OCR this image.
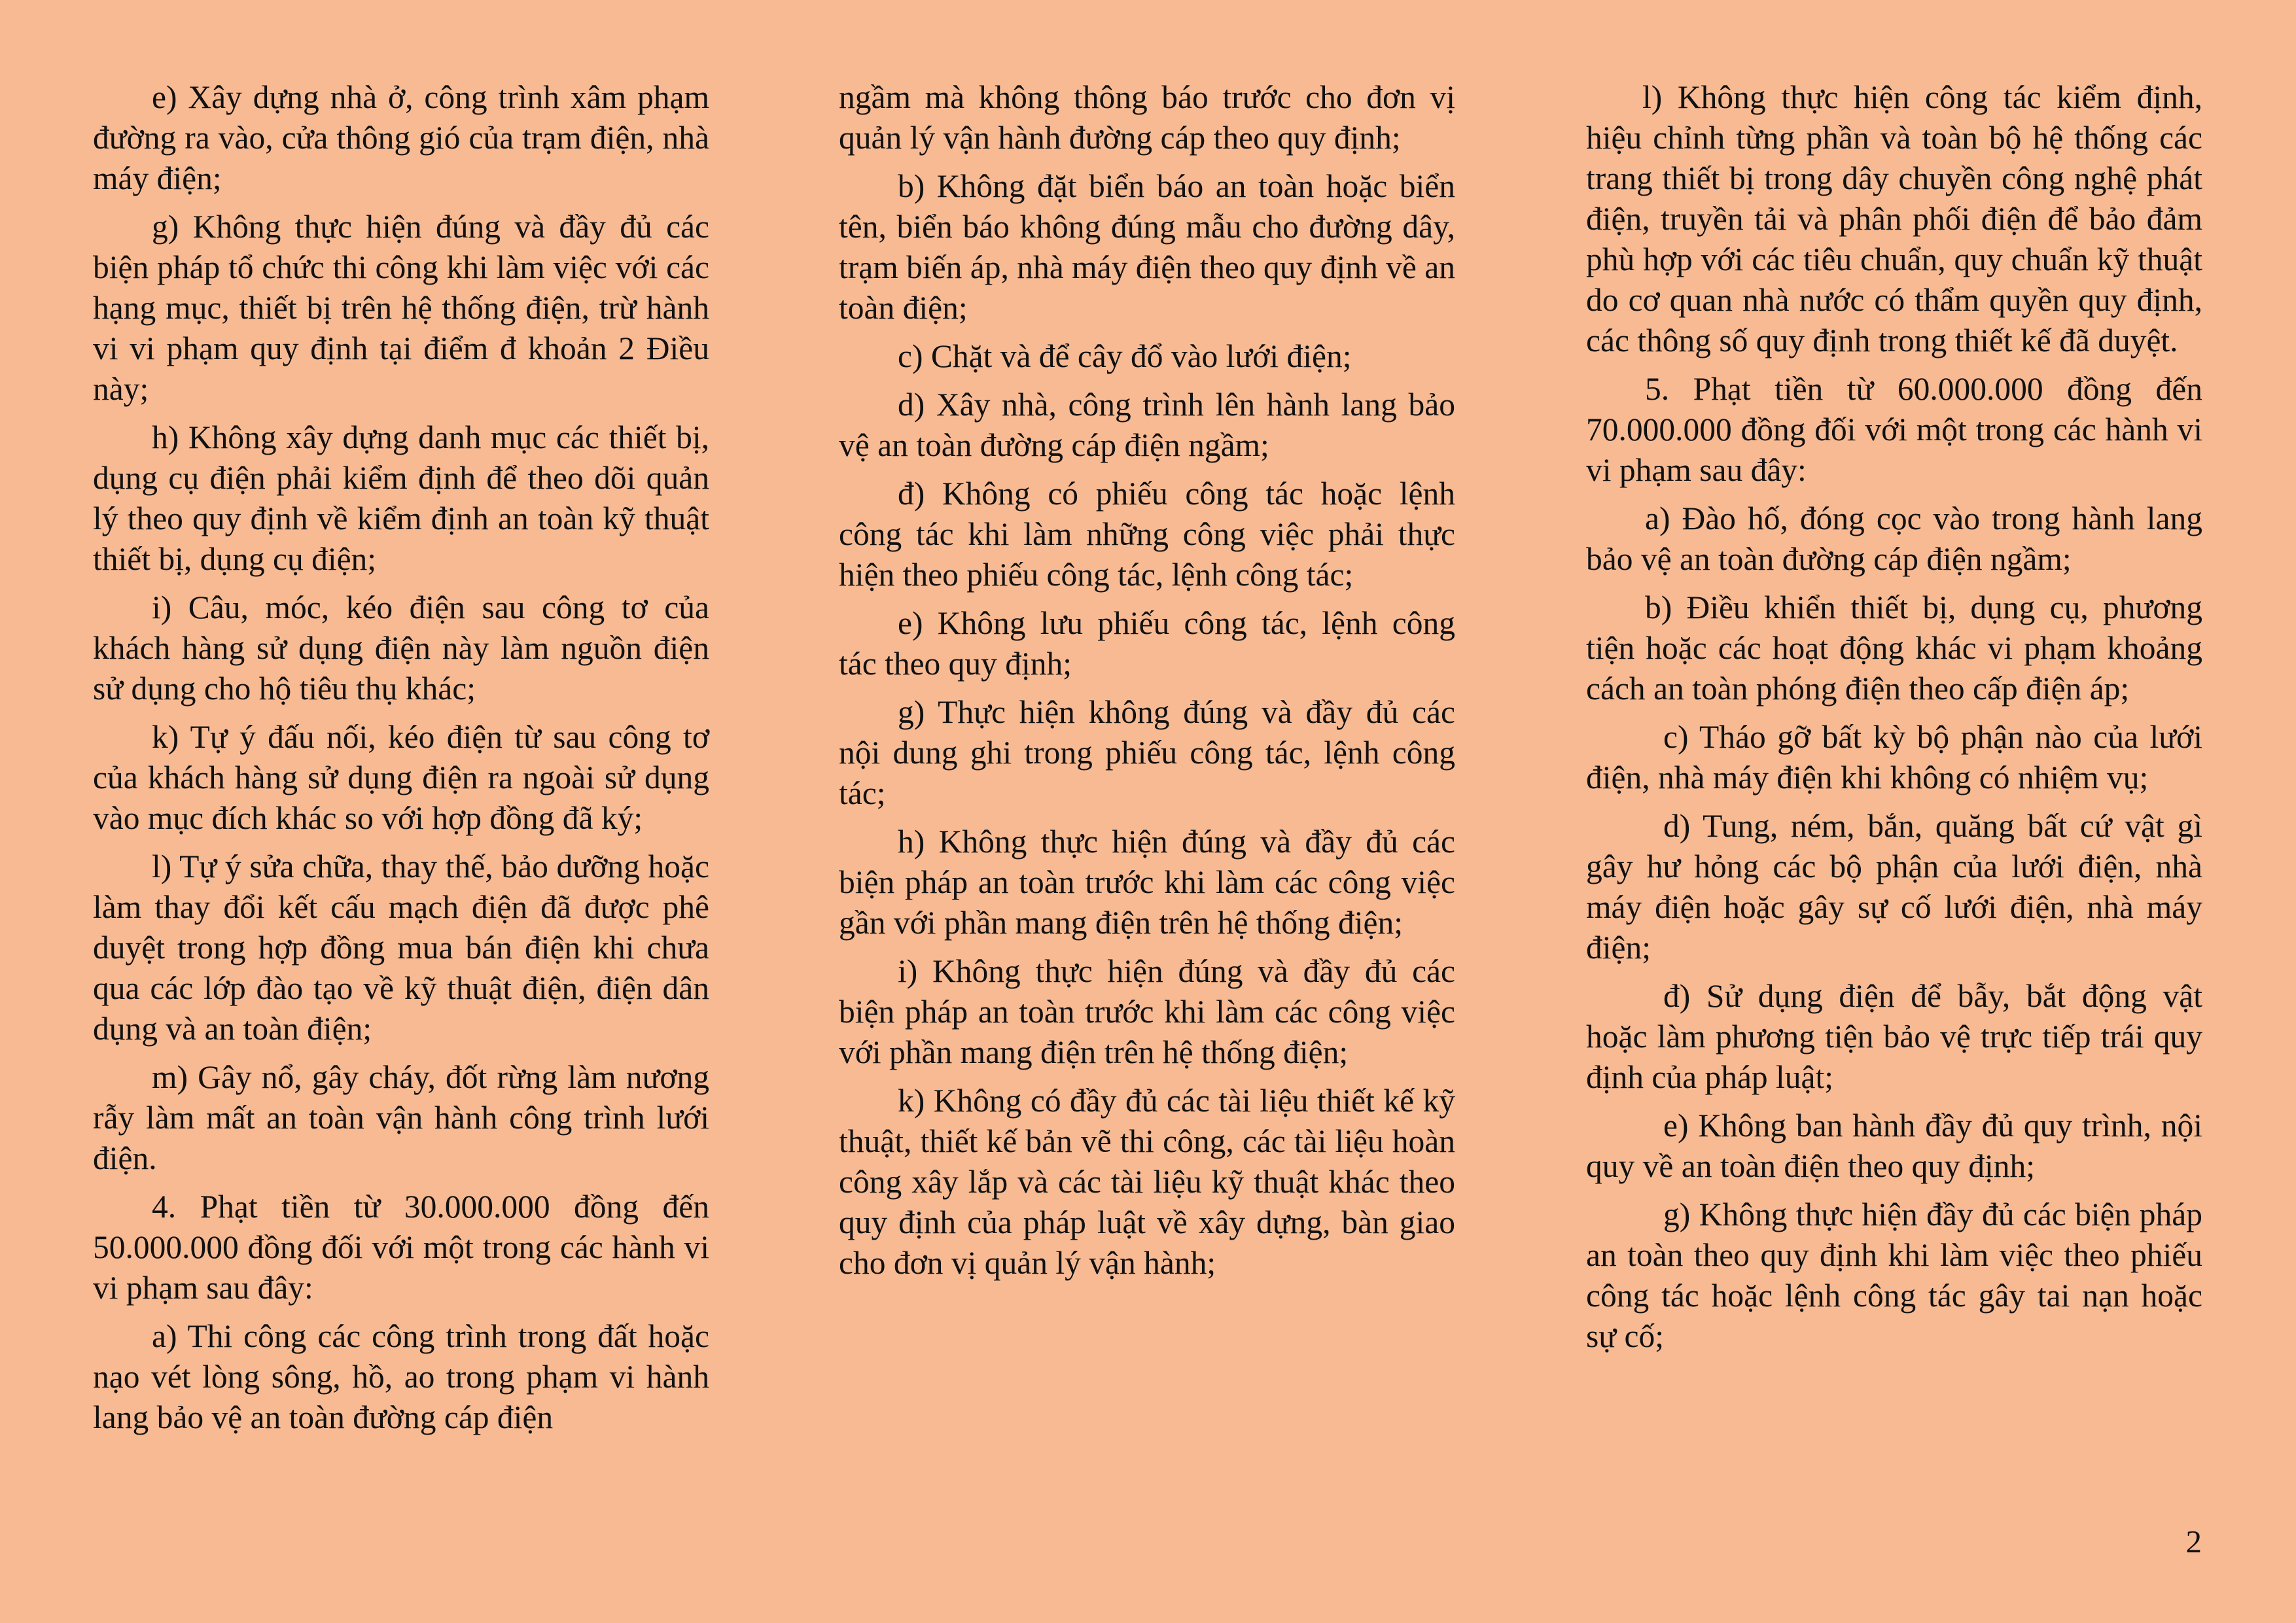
e) Xây dựng nhà ở, công trình xâm phạm đường ra vào, cửa thông gió của trạm điện, nhà máy điện;

g) Không thực hiện đúng và đầy đủ các biện pháp tổ chức thi công khi làm việc với các hạng mục, thiết bị trên hệ thống điện, trừ hành vi vi phạm quy định tại điểm đ khoản 2 Điều này;

h) Không xây dựng danh mục các thiết bị, dụng cụ điện phải kiểm định để theo dõi quản lý theo quy định về kiểm định an toàn kỹ thuật thiết bị, dụng cụ điện;

i) Câu, móc, kéo điện sau công tơ của khách hàng sử dụng điện này làm nguồn điện sử dụng cho hộ tiêu thụ khác;

k) Tự ý đấu nối, kéo điện từ sau công tơ của khách hàng sử dụng điện ra ngoài sử dụng vào mục đích khác so với hợp đồng đã ký;

l) Tự ý sửa chữa, thay thế, bảo dưỡng hoặc làm thay đổi kết cấu mạch điện đã được phê duyệt trong hợp đồng mua bán điện khi chưa qua các lớp đào tạo về kỹ thuật điện, điện dân dụng và an toàn điện;

m) Gây nổ, gây cháy, đốt rừng làm nương rẫy làm mất an toàn vận hành công trình lưới điện.

4. Phạt tiền từ 30.000.000 đồng đến 50.000.000 đồng đối với một trong các hành vi vi phạm sau đây:

a) Thi công các công trình trong đất hoặc nạo vét lòng sông, hồ, ao trong phạm vi hành lang bảo vệ an toàn đường cáp điện

ngầm mà không thông báo trước cho đơn vị quản lý vận hành đường cáp theo quy định;

b) Không đặt biển báo an toàn hoặc biển tên, biển báo không đúng mẫu cho đường dây, trạm biến áp, nhà máy điện theo quy định về an toàn điện;

c) Chặt và để cây đổ vào lưới điện;

d) Xây nhà, công trình lên hành lang bảo vệ an toàn đường cáp điện ngầm;

đ) Không có phiếu công tác hoặc lệnh công tác khi làm những công việc phải thực hiện theo phiếu công tác, lệnh công tác;

e) Không lưu phiếu công tác, lệnh công tác theo quy định;

g) Thực hiện không đúng và đầy đủ các nội dung ghi trong phiếu công tác, lệnh công tác;

h) Không thực hiện đúng và đầy đủ các biện pháp an toàn trước khi làm các công việc gần với phần mang điện trên hệ thống điện;

i) Không thực hiện đúng và đầy đủ các biện pháp an toàn trước khi làm các công việc với phần mang điện trên hệ thống điện;

k) Không có đầy đủ các tài liệu thiết kế kỹ thuật, thiết kế bản vẽ thi công, các tài liệu hoàn công xây lắp và các tài liệu kỹ thuật khác theo quy định của pháp luật về xây dựng, bàn giao cho đơn vị quản lý vận hành;

l) Không thực hiện công tác kiểm định, hiệu chỉnh từng phần và toàn bộ hệ thống các trang thiết bị trong dây chuyền công nghệ phát điện, truyền tải và phân phối điện để bảo đảm phù hợp với các tiêu chuẩn, quy chuẩn kỹ thuật do cơ quan nhà nước có thẩm quyền quy định, các thông số quy định trong thiết kế đã duyệt.

5. Phạt tiền từ 60.000.000 đồng đến 70.000.000 đồng đối với một trong các hành vi vi phạm sau đây:

a) Đào hố, đóng cọc vào trong hành lang bảo vệ an toàn đường cáp điện ngầm;

b) Điều khiển thiết bị, dụng cụ, phương tiện hoặc các hoạt động khác vi phạm khoảng cách an toàn phóng điện theo cấp điện áp;

c) Tháo gỡ bất kỳ bộ phận nào của lưới điện, nhà máy điện khi không có nhiệm vụ;

d) Tung, ném, bắn, quăng bất cứ vật gì gây hư hỏng các bộ phận của lưới điện, nhà máy điện hoặc gây sự cố lưới điện, nhà máy điện;

đ) Sử dụng điện để bẫy, bắt động vật hoặc làm phương tiện bảo vệ trực tiếp trái quy định của pháp luật;

e) Không ban hành đầy đủ quy trình, nội quy về an toàn điện theo quy định;

g) Không thực hiện đầy đủ các biện pháp an toàn theo quy định khi làm việc theo phiếu công tác hoặc lệnh công tác gây tai nạn hoặc sự cố;

2
